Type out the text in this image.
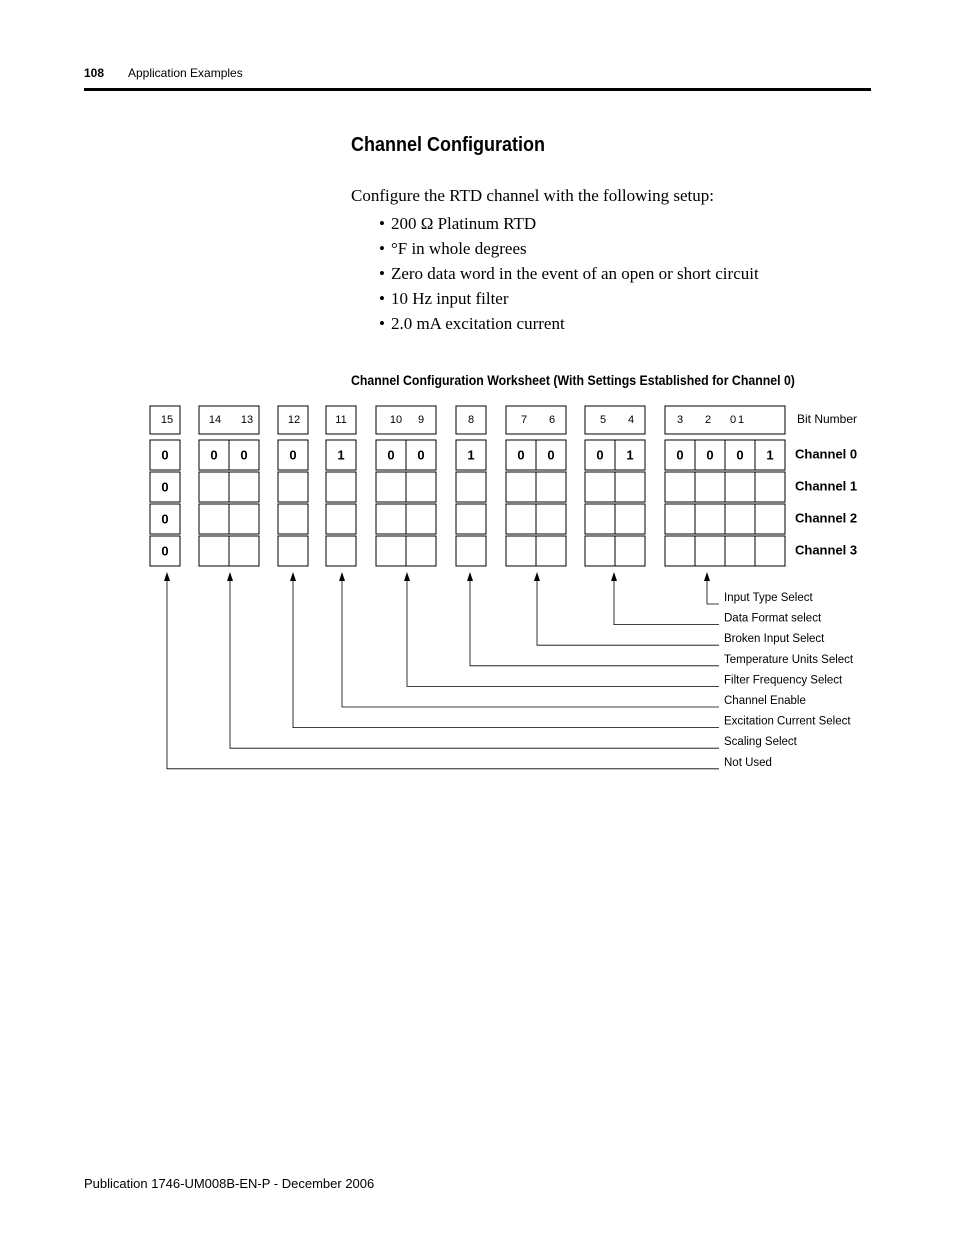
108 Application Examples
Channel Configuration
Configure the RTD channel with the following setup:
• 200 Ω Platinum RTD
• °F in whole degrees
• Zero data word in the event of an open or short circuit
• 10 Hz input filter
• 2.0 mA excitation current
Channel Configuration Worksheet (With Settings Established for Channel 0)
15	14 13	12	11	10 9	8	7 6	5 4	3 2 0 1	Bit Number
0	0 0	0	1	0 0	1	0 0	0 1	0 0 0 1 Channel 0
0	Channel 1
0	Channel 2
0	Channel 3
Input Type Select
Data Format select
Broken Input Select
Temperature Units Select
Filter Frequency Select
Channel Enable
Excitation Current Select
Scaling Select
Not Used
Publication 1746-UM008B-EN-P - December 2006
